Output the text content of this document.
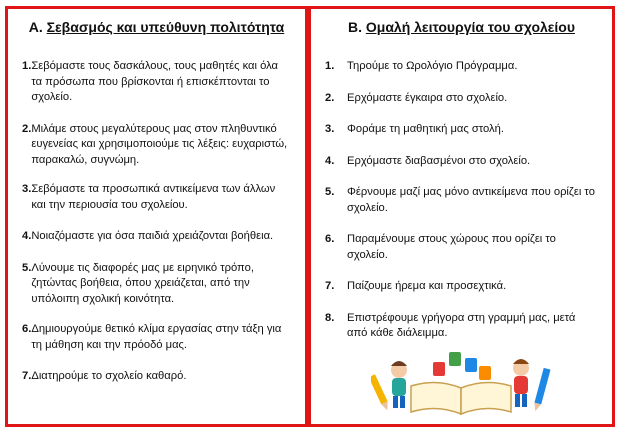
Α. Σεβασμός και υπεύθυνη πολιτότητα
1. Σεβόμαστε τους δασκάλους, τους μαθητές και όλα τα πρόσωπα που βρίσκονται ή επισκέπτονται το σχολείο.
2. Μιλάμε στους μεγαλύτερους μας στον πληθυντικό ευγενείας και χρησιμοποιούμε τις λέξεις: ευχαριστώ, παρακαλώ, συγνώμη.
3. Σεβόμαστε τα προσωπικά αντικείμενα των άλλων και την περιουσία του σχολείου.
4. Νοιαζόμαστε για όσα παιδιά χρειάζονται βοήθεια.
5. Λύνουμε τις διαφορές μας με ειρηνικό τρόπο, ζητώντας βοήθεια, όπου χρειάζεται, από την υπόλοιπη σχολική κοινότητα.
6. Δημιουργούμε θετικό κλίμα εργασίας στην τάξη για τη μάθηση και την πρόοδό μας.
7. Διατηρούμε το σχολείο καθαρό.
Β. Ομαλή λειτουργία του σχολείου
1.	Τηρούμε το Ωρολόγιο Πρόγραμμα.
2.	Ερχόμαστε έγκαιρα στο σχολείο.
3.	Φοράμε τη μαθητική μας στολή.
4.	Ερχόμαστε διαβασμένοι στο σχολείο.
5.	Φέρνουμε μαζί μας μόνο αντικείμενα που ορίζει το σχολείο.
6.	Παραμένουμε στους χώρους που ορίζει το σχολείο.
7.	Παίζουμε ήρεμα και προσεχτικά.
8.	Επιστρέφουμε γρήγορα στη γραμμή μας, μετά από κάθε διάλειμμα.
